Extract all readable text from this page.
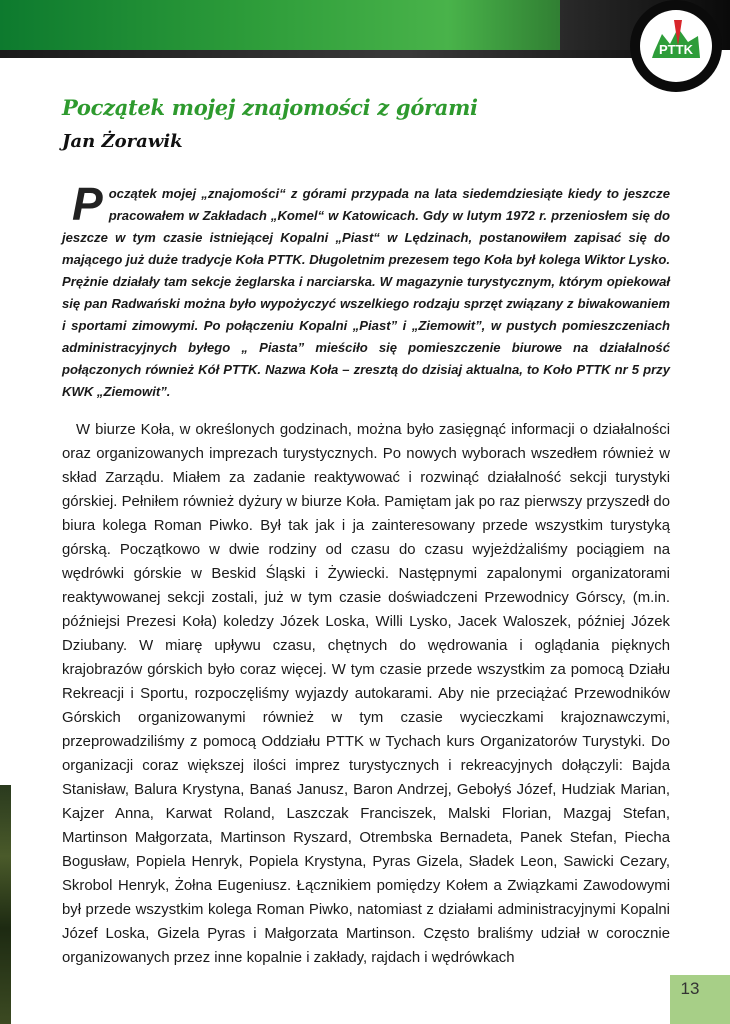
PTTK
Początek mojej znajomości z górami
Jan Żorawik
Początek mojej „znajomości“ z górami przypada na lata siedemdziesiąte kiedy to jeszcze pracowałem w Zakładach „Komel“ w Katowicach. Gdy w lutym 1972 r. przeniosłem się do jeszcze w tym czasie istniejącej Kopalni „Piast“ w Lędzinach, postanowiłem zapisać się do mającego już duże tradycje Koła PTTK. Długoletnim prezesem tego Koła był kolega Wiktor Lysko. Prężnie działały tam sekcje żeglarska i narciarska. W magazynie turystycznym, którym opiekował się pan Radwański można było wypożyczyć wszelkiego rodzaju sprzęt związany z biwakowaniem i sportami zimowymi. Po połączeniu Kopalni „Piast” i „Ziemowit”, w pustych pomieszczeniach administracyjnych byłego „ Piasta” mieściło się pomieszczenie biurowe na działalność połączonych również Kół PTTK. Nazwa Koła – zresztą do dzisiaj aktualna, to Koło PTTK nr 5 przy KWK „Ziemowit”.

W biurze Koła, w określonych godzinach, można było zasięgnąć informacji o działalności oraz organizowanych imprezach turystycznych. Po nowych wyborach wszedłem również w skład Zarządu. Miałem za zadanie reaktywować i rozwinąć działalność sekcji turystyki górskiej. Pełniłem również dyżury w biurze Koła. Pamiętam jak po raz pierwszy przyszedł do biura kolega Roman Piwko. Był tak jak i ja zainteresowany przede wszystkim turystyką górską. Początkowo w dwie rodziny od czasu do czasu wyjeżdżaliśmy pociągiem na wędrówki górskie w Beskid Śląski i Żywiecki. Następnymi zapalonymi organizatorami reaktywowanej sekcji zostali, już w tym czasie doświadczeni Przewodnicy Górscy, (m.in. późniejsi Prezesi Koła) koledzy Józek Loska, Willi Lysko, Jacek Waloszek, później Józek Dziubany. W miarę upływu czasu, chętnych do wędrowania i oglądania pięknych krajobrazów górskich było coraz więcej. W tym czasie przede wszystkim za pomocą Działu Rekreacji i Sportu, rozpoczęliśmy wyjazdy autokarami. Aby nie przeciążać Przewodników Górskich organizowanymi również w tym czasie wycieczkami krajoznawczymi, przeprowadziliśmy z pomocą Oddziału PTTK w Tychach kurs Organizatorów Turystyki. Do organizacji coraz większej ilości imprez turystycznych i rekreacyjnych dołączyli: Bajda Stanisław, Balura Krystyna, Banaś Janusz, Baron Andrzej, Gebołyś Józef, Hudziak Marian, Kajzer Anna, Karwat Roland, Laszczak Franciszek, Malski Florian, Mazgaj Stefan, Martinson Małgorzata, Martinson Ryszard, Otrembska Bernadeta, Panek Stefan, Piecha Bogusław, Popiela Henryk, Popiela Krystyna, Pyras Gizela, Sładek Leon, Sawicki Cezary, Skrobol Henryk, Żołna Eugeniusz. Łącznikiem pomiędzy Kołem a Związkami Zawodowymi był przede wszystkim kolega Roman Piwko, natomiast z działami administracyjnymi Kopalni Józef Loska, Gizela Pyras i Małgorzata Martinson. Często braliśmy udział w corocznie organizowanych przez inne kopalnie i zakłady, rajdach i wędrówkach

13
